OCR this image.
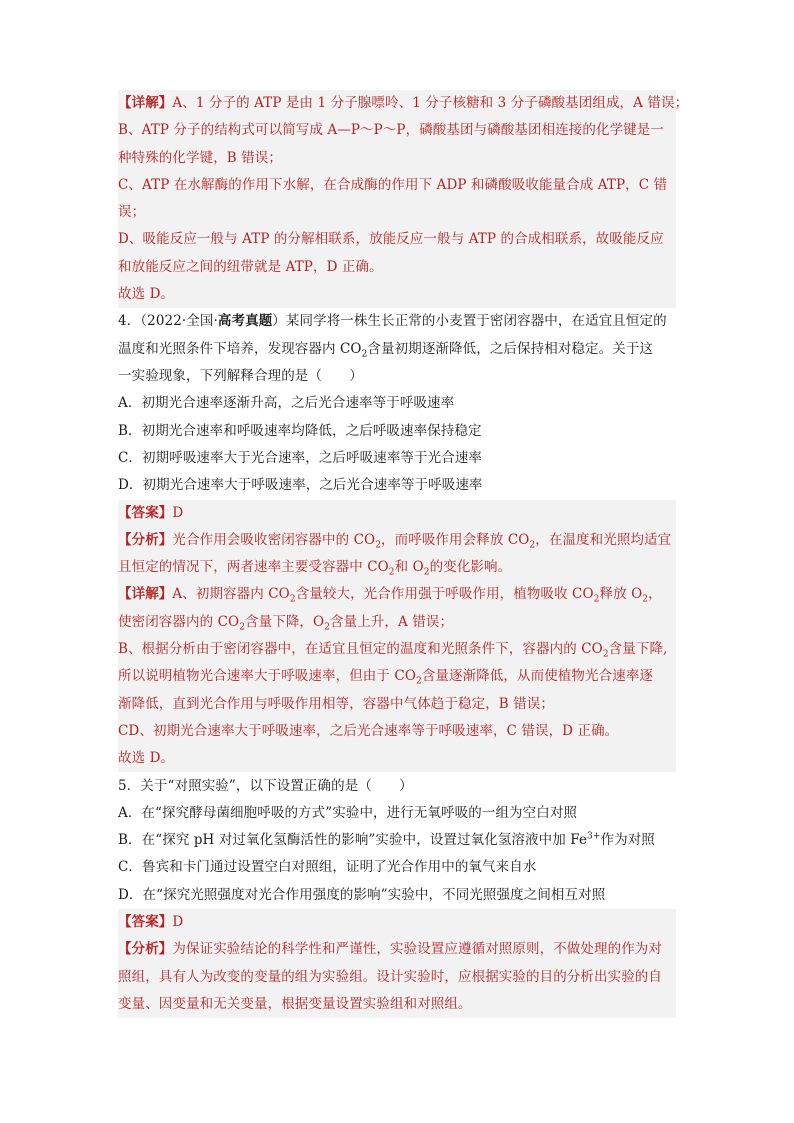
【详解】A、1 分子的 ATP 是由 1 分子腺嘌呤、1 分子核糖和 3 分子磷酸基团组成，A 错误；
B、ATP 分子的结构式可以简写成 A—P～P～P，磷酸基团与磷酸基团相连接的化学键是一
种特殊的化学键，B 错误；
C、ATP 在水解酶的作用下水解，在合成酶的作用下 ADP 和磷酸吸收能量合成 ATP，C 错
误；
D、吸能反应一般与 ATP 的分解相联系，放能反应一般与 ATP 的合成相联系，故吸能反应
和放能反应之间的纽带就是 ATP，D 正确。
故选 D。
4．（2022·全国·高考真题）某同学将一株生长正常的小麦置于密闭容器中，在适宜且恒定的
温度和光照条件下培养，发现容器内 $CO_2$含量初期逐渐降低，之后保持相对稳定。关于这
一实验现象，下列解释合理的是（　　）
A．初期光合速率逐渐升高，之后光合速率等于呼吸速率
B．初期光合速率和呼吸速率均降低，之后呼吸速率保持稳定
C．初期呼吸速率大于光合速率，之后呼吸速率等于光合速率
D．初期光合速率大于呼吸速率，之后光合速率等于呼吸速率
【答案】D
【分析】光合作用会吸收密闭容器中的 $CO_2$，而呼吸作用会释放 $CO_2$，在温度和光照均适宜
且恒定的情况下，两者速率主要受容器中 $CO_2$和 $O_2$的变化影响。
【详解】A、初期容器内 $CO_2$含量较大，光合作用强于呼吸作用，植物吸收 $CO_2$释放 $O_2$，
使密闭容器内的 $CO_2$含量下降，$O_2$含量上升，A 错误；
B、根据分析由于密闭容器中，在适宜且恒定的温度和光照条件下，容器内的 $CO_2$含量下降,
所以说明植物光合速率大于呼吸速率，但由于 $CO_2$含量逐渐降低，从而使植物光合速率逐
渐降低，直到光合作用与呼吸作用相等，容器中气体趋于稳定，B 错误；
CD、初期光合速率大于呼吸速率，之后光合速率等于呼吸速率，C 错误，D 正确。
故选 D。
5．关于“对照实验”，以下设置正确的是（　　）
A．在“探究酵母菌细胞呼吸的方式”实验中，进行无氧呼吸的一组为空白对照
B．在“探究 pH 对过氧化氢酶活性的影响”实验中，设置过氧化氢溶液中加 $Fe^{3+}$作为对照
C．鲁宾和卡门通过设置空白对照组，证明了光合作用中的氧气来自水
D．在“探究光照强度对光合作用强度的影响”实验中，不同光照强度之间相互对照
【答案】D
【分析】为保证实验结论的科学性和严谨性，实验设置应遵循对照原则，不做处理的作为对
照组，具有人为改变的变量的组为实验组。设计实验时，应根据实验的目的分析出实验的自
变量、因变量和无关变量，根据变量设置实验组和对照组。
